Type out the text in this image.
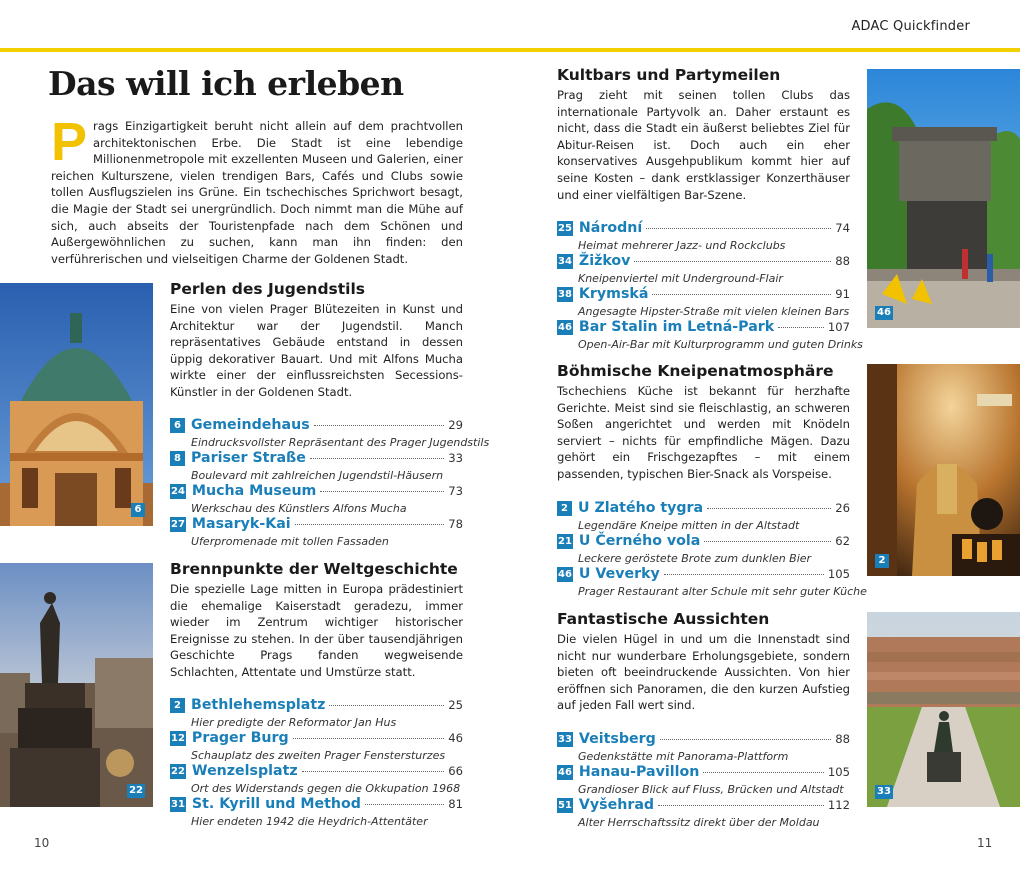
ADAC Quickfinder
10	11
Das will ich erleben

Prags Einzigartigkeit beruht nicht allein auf dem prachtvollen architektonischen Erbe. Die Stadt ist eine lebendige Millionenmetropole mit exzellenten Museen und Galerien, einer reichen Kulturszene, vielen trendigen Bars, Cafés und Clubs sowie tollen Ausflugszielen ins Grüne. Ein tschechisches Sprichwort besagt, die Magie der Stadt sei unergründlich. Doch nimmt man die Mühe auf sich, auch abseits der Touristenpfade nach dem Schönen und Außergewöhnlichen zu suchen, kann man ihn finden: den verführerischen und vielseitigen Charme der Goldenen Stadt.

6
22
46
2
33
Perlen des Jugendstils

Eine von vielen Prager Blütezeiten in Kunst und Architektur war der Jugendstil. Manch repräsentatives Gebäude entstand in dessen üppig dekorativer Bauart. Und mit Alfons Mucha wirkte einer der einflussreichsten Secessions-Künstler in der Goldenen Stadt.

6 Gemeindehaus	29
Eindrucksvollster Repräsentant des Prager Jugendstils
8 Pariser Straße	33
Boulevard mit zahlreichen Jugendstil-Häusern
24 Mucha Museum	73
Werkschau des Künstlers Alfons Mucha
27 Masaryk-Kai	78
Uferpromenade mit tollen Fassaden
Brennpunkte der Weltgeschichte

Die spezielle Lage mitten in Europa prädestiniert die ehemalige Kaiserstadt geradezu, immer wieder im Zentrum wichtiger historischer Ereignisse zu stehen. In der über tausendjährigen Geschichte Prags fanden wegweisende Schlachten, Attentate und Umstürze statt.

2 Bethlehemsplatz	25
Hier predigte der Reformator Jan Hus
12 Prager Burg	46
Schauplatz des zweiten Prager Fenstersturzes
22 Wenzelsplatz	66
Ort des Widerstands gegen die Okkupation 1968
31 St. Kyrill und Method	81
Hier endeten 1942 die Heydrich-Attentäter
Kultbars und Partymeilen

Prag zieht mit seinen tollen Clubs das internationale Partyvolk an. Daher erstaunt es nicht, dass die Stadt ein äußerst beliebtes Ziel für Abitur-Reisen ist. Doch auch ein eher konservatives Ausgehpublikum kommt hier auf seine Kosten – dank erstklassiger Konzerthäuser und einer vielfältigen Bar-Szene.

25 Národní	74
Heimat mehrerer Jazz- und Rockclubs
34 Žižkov	88
Kneipenviertel mit Underground-Flair
38 Krymská	91
Angesagte Hipster-Straße mit vielen kleinen Bars
46 Bar Stalin im Letná-Park	107
Open-Air-Bar mit Kulturprogramm und guten Drinks
Böhmische Kneipenatmosphäre

Tschechiens Küche ist bekannt für herzhafte Gerichte. Meist sind sie fleischlastig, an schweren Soßen angerichtet und werden mit Knödeln serviert – nichts für empfindliche Mägen. Dazu gehört ein Frischgezapftes – mit einem passenden, typischen Bier-Snack als Vorspeise.

2 U Zlatého tygra	26
Legendäre Kneipe mitten in der Altstadt
21 U Černého vola	62
Leckere geröstete Brote zum dunklen Bier
46 U Veverky	105
Prager Restaurant alter Schule mit sehr guter Küche
Fantastische Aussichten

Die vielen Hügel in und um die Innenstadt sind nicht nur wunderbare Erholungsgebiete, sondern bieten oft beeindruckende Aussichten. Von hier eröffnen sich Panoramen, die den kurzen Aufstieg auf jeden Fall wert sind.

33 Veitsberg	88
Gedenkstätte mit Panorama-Plattform
46 Hanau-Pavillon	105
Grandioser Blick auf Fluss, Brücken und Altstadt
51 Vyšehrad	112
Alter Herrschaftssitz direkt über der Moldau
